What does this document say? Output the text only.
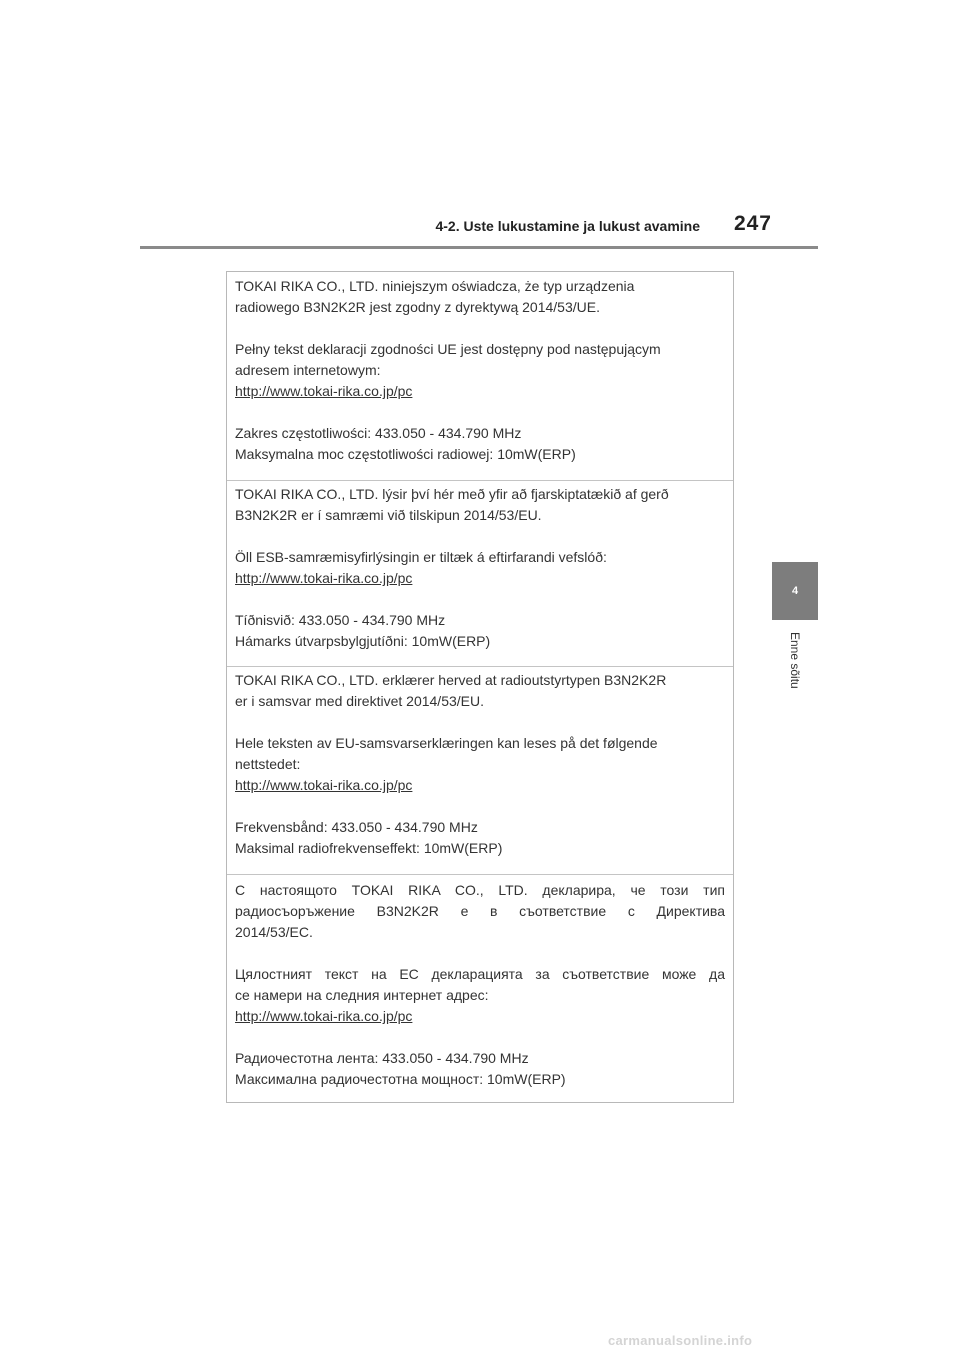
4-2. Uste lukustamine ja lukust avamine 247
4
Enne sõitu

TOKAI RIKA CO., LTD. niniejszym oświadcza, że typ urządzenia
radiowego B3N2K2R jest zgodny z dyrektywą 2014/53/UE.

Pełny tekst deklaracji zgodności UE jest dostępny pod następującym
adresem internetowym:

http://www.tokai-rika.co.jp/pc

Zakres częstotliwości: 433.050 - 434.790 MHz
Maksymalna moc częstotliwości radiowej: 10mW(ERP)

TOKAI RIKA CO., LTD. lýsir því hér með yfir að fjarskiptatækið af gerð
B3N2K2R er í samræmi við tilskipun 2014/53/EU.

Öll ESB-samræmisyfirlýsingin er tiltæk á eftirfarandi vefslóð:

http://www.tokai-rika.co.jp/pc

Tíðnisvið: 433.050 - 434.790 MHz
Hámarks útvarpsbylgjutíðni: 10mW(ERP)

TOKAI RIKA CO., LTD. erklærer herved at radioutstyrtypen B3N2K2R
er i samsvar med direktivet 2014/53/EU.

Hele teksten av EU-samsvarserklæringen kan leses på det følgende
nettstedet:

http://www.tokai-rika.co.jp/pc

Frekvensbånd: 433.050 - 434.790 MHz
Maksimal radiofrekvenseffekt: 10mW(ERP)

С настоящото TOKAI RIKA CO., LTD. декларира, че този тип

радиосъоръжение B3N2K2R е в съответствие с Директива

2014/53/ЕС.

Цялостният текст на ЕС декларацията за съответствие може да

се намери на следния интернет адрес:

http://www.tokai-rika.co.jp/pc

Радиочестотна лента: 433.050 - 434.790 MHz
Максимална радиочестотна мощност: 10mW(ERP)

carmanualsonline.info
